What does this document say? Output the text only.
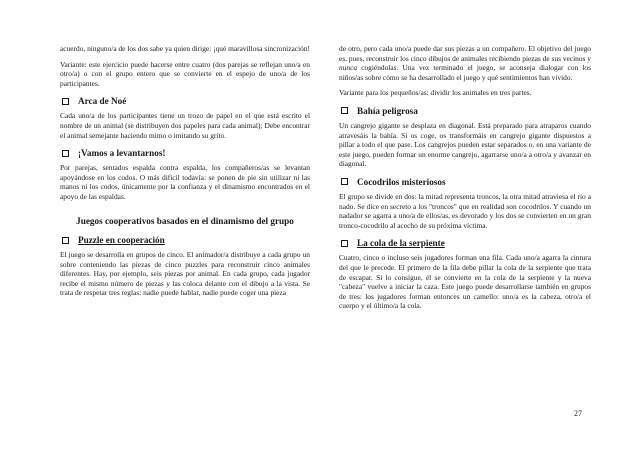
acuerdo, ninguno/a de los dos sabe ya quien dirige: ¡qué maravillosa sincronización!

Variante: este ejercicio puede hacerse entre cuatro (dos parejas se reflejan uno/a en otro/a) o con el grupo entero que se convierte en el espejo de uno/a de los participantes.

Arca de Noé

Cada uno/a de los participantes tiene un trozo de papel en el que está escrito el nombre de un animal (se distribuyen dos papeles para cada animal); Debe encontrar el animal semejante haciendo mimo o imitando su grito.

¡Vamos a levantarnos!

Por parejas, sentados espalda contra espalda, los compañeros/as se levantan apoyándose en los codos. O más difícil todavía: se ponen de pie sin utilizar ni las manos ni los codos, únicamente por la confianza y el dinamismo encontrados en el apoyo de las espaldas.

Juegos cooperativos basados en el dinamismo del grupo
Puzzle en cooperación

El juego se desarrolla en grupos de cinco. El animador/a distribuye a cada grupo un sobre conteniendo las piezas de cinco puzzles para reconstruir cinco animales diferentes. Hay, por ejemplo, seis piezas por animal. En cada grupo, cada jugador recibe el mismo número de piezas y las coloca delante con el dibujo a la vista. Se trata de respetar tres reglas: nadie puede hablar, nadie puede coger una pieza

de otro, pero cada uno/a puede dar sus piezas a un compañero. El objetivo del juego es, pues, reconstruir los cinco dibujos de animales recibiendo piezas de sus vecinos y nunca cogiéndolas. Una vez terminado el juego, se aconseja dialogar con los niños/as sobre cómo se ha desarrollado el juego y qué sentimientos han vivido.

Variante para los pequeños/as: dividir los animales en tres partes.

Bahía peligrosa

Un cangrejo gigante se desplaza en diagonal. Está preparado para atraparos cuando atravesáis la bahía. Si os coge, os transformáis en cangrejo gigante dispuestos a pillar a todo el que pase. Los cangrejos pueden estar separados o, en una variante de este juego, pueden formar un enorme cangrejo, agarrarse uno/a a otro/a y avanzar en diagonal.

Cocodrilos misteriosos

El grupo se divide en dos: la mitad representa troncos, la otra mitad atraviesa el río a nado. Se dice en secreto a los "troncos" que en realidad son cocodrilos. Y cuando un nadador se agarra a uno/a de ellos/as, es devorado y los dos se convierten en un gran tronco-cocodrilo al acecho de su próxima víctima.

La cola de la serpiente

Cuatro, cinco o incluso seis jugadores forman una fila. Cada uno/a agarra la cintura del que le precede. El primero de la fila debe pillar la cola de la serpiente que trata de escapar. Si lo consigue, él se convierte en la cola de la serpiente y la nueva "cabeza" vuelve a iniciar la caza. Este juego puede desarrollarse también en grupos de tres: los jugadores forman entonces un camello: uno/a es la cabeza, otro/a el cuerpo y el último/a la cola.

27
